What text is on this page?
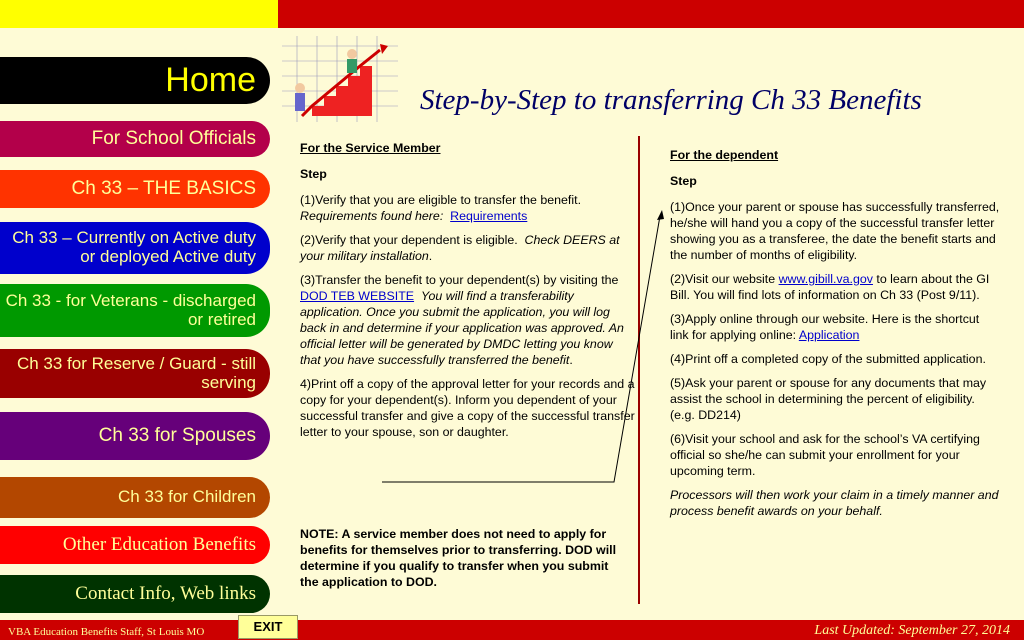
Home
For School Officials
Ch 33 – THE BASICS
Ch 33 – Currently on Active duty or deployed Active duty
Ch 33 - for Veterans - discharged or retired
Ch 33 for Reserve / Guard - still serving
Ch 33 for Spouses
Ch 33 for Children
Other Education Benefits
Contact Info, Web links
Step-by-Step to transferring Ch 33 Benefits

For the Service Member

Step

(1)Verify that you are eligible to transfer the benefit.
Requirements found here: Requirements

(2)Verify that your dependent is eligible. Check DEERS at your military installation.

(3)Transfer the benefit to your dependent(s) by visiting the DOD TEB WEBSITE You will find a transferability application. Once you submit the application, you will log back in and determine if your application was approved. An official letter will be generated by DMDC letting you know that you have successfully transferred the benefit.

4)Print off a copy of the approval letter for your records and a copy for your dependent(s). Inform you dependent of your successful transfer and give a copy of the successful transfer letter to your spouse, son or daughter.

NOTE: A service member does not need to apply for benefits for themselves prior to transferring. DOD will determine if you qualify to transfer when you submit the application to DOD.

For the dependent

Step

(1)Once your parent or spouse has successfully transferred, he/she will hand you a copy of the successful transfer letter showing you as a transferee, the date the benefit starts and the number of months of eligibility.

(2)Visit our website www.gibill.va.gov to learn about the GI Bill. You will find lots of information on Ch 33 (Post 9/11).

(3)Apply online through our website. Here is the shortcut link for applying online: Application

(4)Print off a completed copy of the submitted application.

(5)Ask your parent or spouse for any documents that may assist the school in determining the percent of eligibility. (e.g. DD214)

(6)Visit your school and ask for the school’s VA certifying official so she/he can submit your enrollment for your upcoming term.

Processors will then work your claim in a timely manner and process benefit awards on your behalf.

VBA Education Benefits Staff, St Louis MO	EXIT	Last Updated: September 27, 2014
